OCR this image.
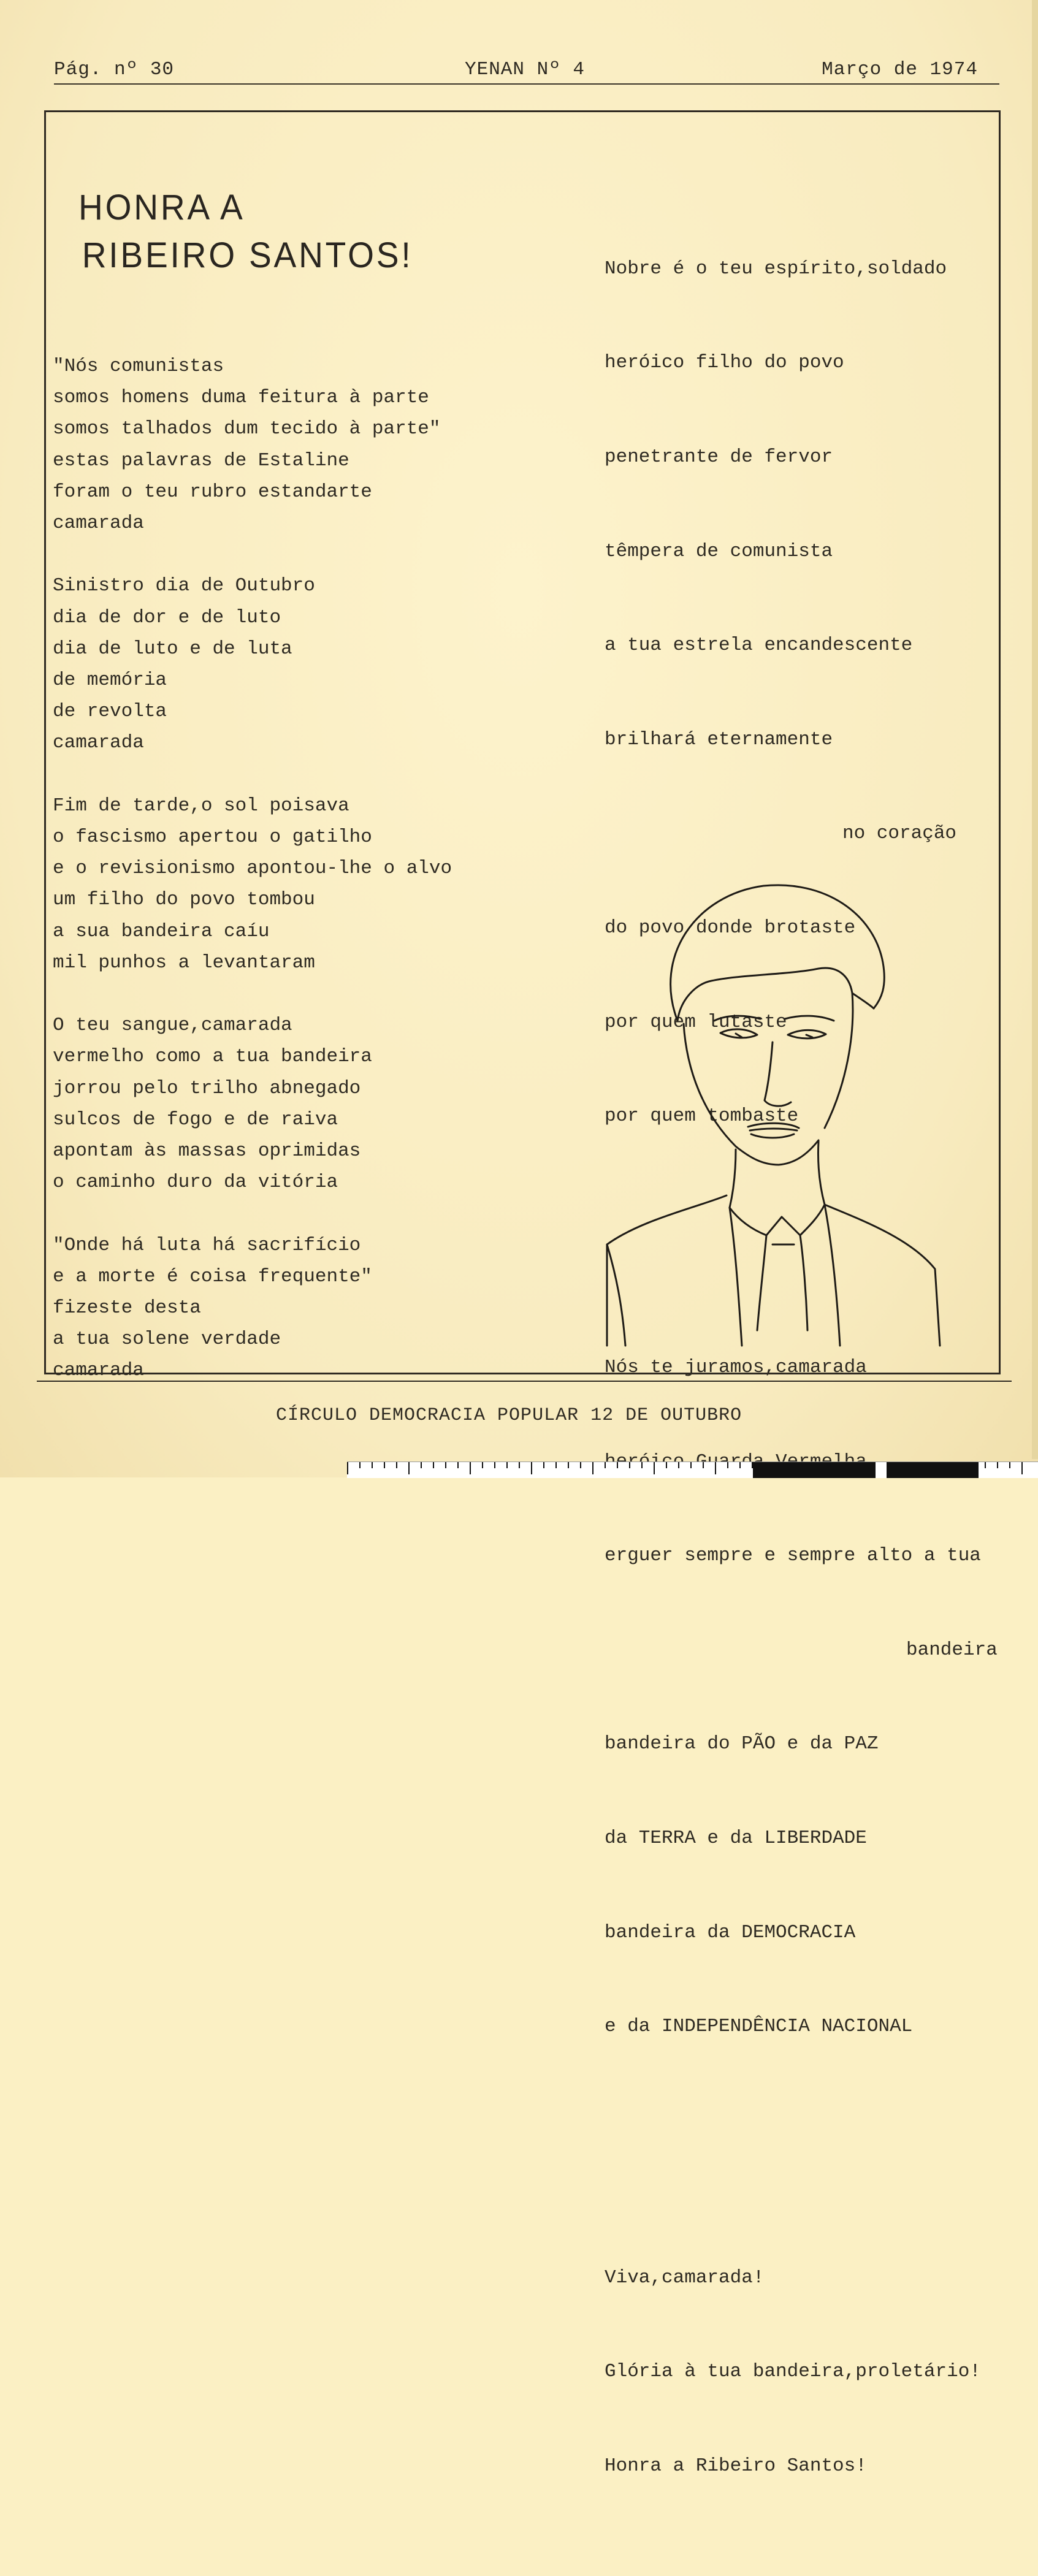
Pág. nº 30	YENAN Nº 4	Março de 1974
HONRA A
RIBEIRO SANTOS!
"Nós comunistas
somos homens duma feitura à parte
somos talhados dum tecido à parte"
estas palavras de Estaline
foram o teu rubro estandarte
camarada
Sinistro dia de Outubro
dia de dor e de luto
dia de luto e de luta
de memória
de revolta
camarada
Fim de tarde,o sol poisava
o fascismo apertou o gatilho
e o revisionismo apontou-lhe o alvo
um filho do povo tombou
a sua bandeira caíu
mil punhos a levantaram
O teu sangue,camarada
vermelho como a tua bandeira
jorrou pelo trilho abnegado
sulcos de fogo e de raiva
apontam às massas oprimidas
o caminho duro da vitória
"Onde há luta há sacrifício
e a morte é coisa frequente"
fizeste desta
a tua solene verdade
camarada

Nobre é o teu espírito,soldado

heróico filho do povo

penetrante de fervor

têmpera de comunista

a tua estrela encandescente

brilhará eternamente

no coração

do povo donde brotaste

por quem lutaste

por quem tombaste

Nós te juramos,camarada

erguer sempre e sempre alto a tua

bandeira

bandeira do PÃO e da PAZ

da TERRA e da LIBERDADE

bandeira da DEMOCRACIA

e da INDEPENDÊNCIA NACIONAL

Viva,camarada!

Glória à tua bandeira,proletário!

Honra a Ribeiro Santos!

CÍRCULO DEMOCRACIA POPULAR 12 DE OUTUBRO
